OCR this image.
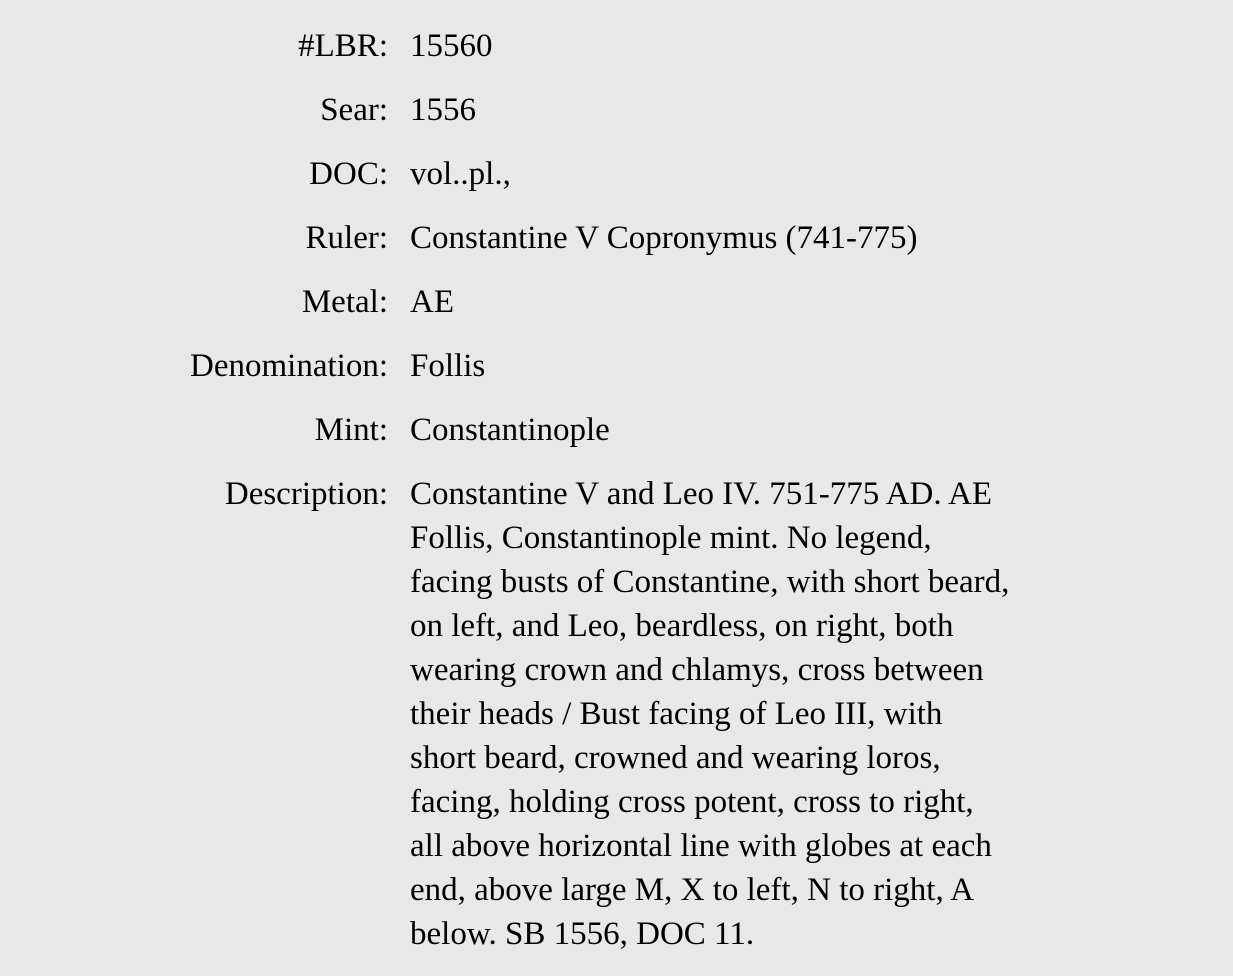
#LBR: 15560
Sear: 1556
DOC: vol..pl.,
Ruler: Constantine V Copronymus (741-775)
Metal: AE
Denomination: Follis
Mint: Constantinople
Description: Constantine V and Leo IV. 751-775 AD. AE
Follis, Constantinople mint. No legend,
facing busts of Constantine, with short beard,
on left, and Leo, beardless, on right, both
wearing crown and chlamys, cross between
their heads / Bust facing of Leo III, with
short beard, crowned and wearing loros,
facing, holding cross potent, cross to right,
all above horizontal line with globes at each
end, above large M, X to left, N to right, A
below. SB 1556, DOC 11.
